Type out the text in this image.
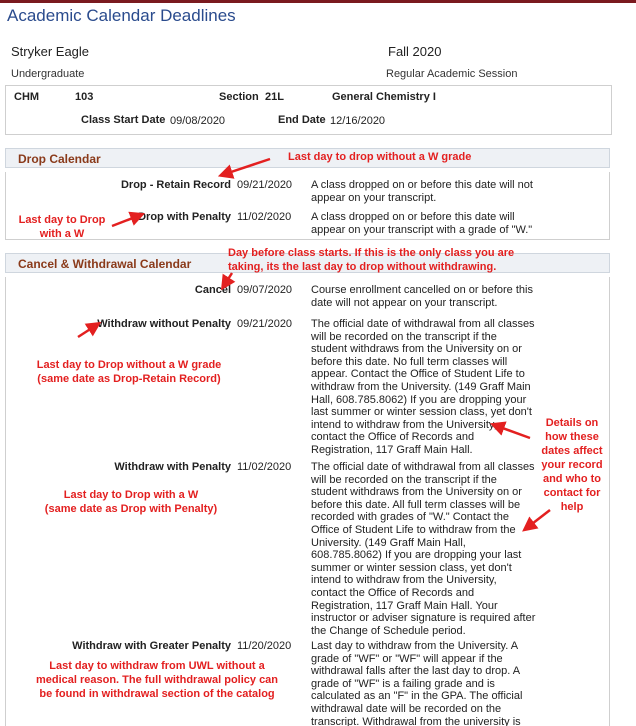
Academic Calendar Deadlines
Stryker Eagle
Undergraduate
Fall 2020
Regular Academic Session
CHM	103	Section 21L	General Chemistry I
Class Start Date 09/08/2020	End Date 12/16/2020
Drop Calendar
Drop - Retain Record 09/21/2020 A class dropped on or before this date will not
appear on your transcript.
Drop with Penalty 11/02/2020 A class dropped on or before this date will
appear on your transcript with a grade of "W."
Cancel & Withdrawal Calendar
Cancel 09/07/2020 Course enrollment cancelled on or before this
date will not appear on your transcript.
Withdraw without Penalty 09/21/2020 The official date of withdrawal from all classes
will be recorded on the transcript if the
student withdraws from the University on or
before this date. No full term classes will
appear. Contact the Office of Student Life to
withdraw from the University. (149 Graff Main
Hall, 608.785.8062) If you are dropping your
last summer or winter session class, yet don't
intend to withdraw from the University,
contact the Office of Records and
Registration, 117 Graff Main Hall.
Withdraw with Penalty 11/02/2020 The official date of withdrawal from all classes
will be recorded on the transcript if the
student withdraws from the University on or
before this date. All full term classes will be
recorded with grades of "W." Contact the
Office of Student Life to withdraw from the
University. (149 Graff Main Hall,
608.785.8062) If you are dropping your last
summer or winter session class, yet don't
intend to withdraw from the University,
contact the Office of Records and
Registration, 117 Graff Main Hall. Your
instructor or adviser signature is required after
the Change of Schedule period.
Withdraw with Greater Penalty 11/20/2020 Last day to withdraw from the University. A
grade of "WF" or "WF" will appear if the
withdrawal falls after the last day to drop. A
grade of "WF" is a failing grade and is
calculated as an "F" in the GPA. The official
withdrawal date will be recorded on the
transcript. Withdrawal from the university is
Last day to drop without a W grade
Last day to Drop
with a W
Day before class starts. If this is the only class you are
taking, its the last day to drop without withdrawing.
Last day to Drop without a W grade
(same date as Drop-Retain Record)
Details on
how these
dates affect
your record
and who to
contact for
help
Last day to Drop with a W
(same date as Drop with Penalty)
Last day to withdraw from UWL without a
medical reason. The full withdrawal policy can
be found in withdrawal section of the catalog
